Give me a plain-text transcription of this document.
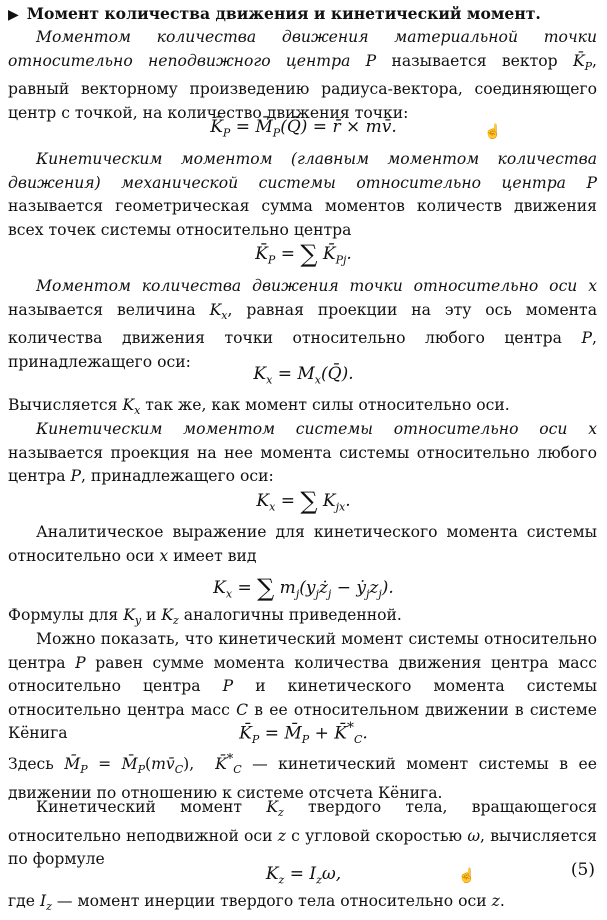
▶ Момент количества движения и кинетический момент.

Моментом количества движения материальной точки относительно неподвижного центра P называется вектор $K̄_P$, равный векторному произведению радиуса-вектора, соединяющего центр с точкой, на количество движения точки:

$K̄_P$ = $M̄_P(Q̄)$ = r̄ × mv̄.

Кинетическим моментом (главным моментом количества движения) механической системы относительно центра P называется геометрическая сумма моментов количеств движения всех точек системы относительно центра

$K̄_P$ = ∑ $K̄_{Pj}$.

Моментом количества движения точки относительно оси x называется величина $K_x$, равная проекции на эту ось момента количества движения точки относительно любого центра P, принадлежащего оси:

$K_x$ = $M_x(Q̄)$.

Вычисляется $K_x$ так же, как момент силы относительно оси.

Кинетическим моментом системы относительно оси x называется проекция на нее момента системы относительно любого центра P, принадлежащего оси:

$K_x$ = ∑ $K_{jx}$.

Аналитическое выражение для кинетического момента системы относительно оси x имеет вид

$K_x$ = ∑ $m_j(y_jż_j$ − $ẏ_jz_j$).

Формулы для $K_y$ и $K_z$ аналогичны приведенной.

Можно показать, что кинетический момент системы относительно центра P равен сумме момента количества движения центра масс относительно центра P и кинетического момента системы относительно центра масс C в ее относительном движении в системе Кёнига	$K̄_P$ = $M̄_P$ + $K̄^*_C$.

Здесь $M̄_P$ = $M̄_P(mv̄_C)$,  $K̄^*_C$ — кинетический момент системы в ее движении по отношению к системе отсчета Кёнига.

Кинетический момент $K_z$ твердого тела, вращающегося относительно неподвижной оси z с угловой скоростью ω, вычисляется по формуле

$K_z = I_z\omega$,	(5)

где $I_z$ — момент инерции твердого тела относительно оси z.

☝
☝
